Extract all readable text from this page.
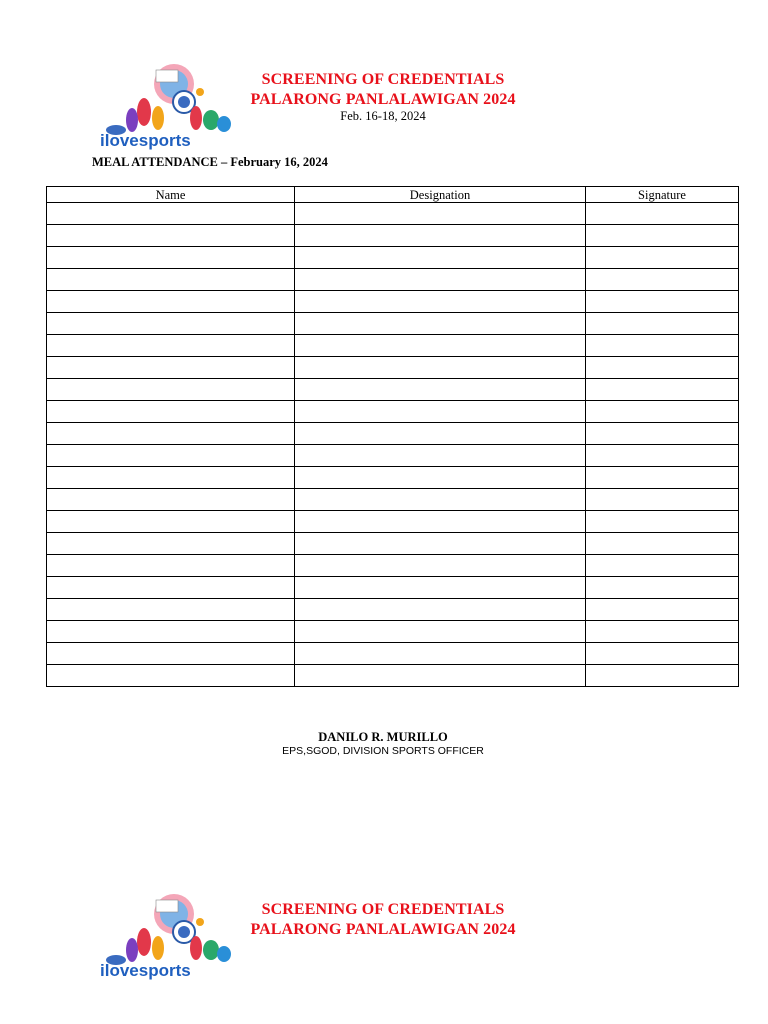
ilovesports
SCREENING OF CREDENTIALS
PALARONG PANLALAWIGAN 2024
Feb. 16-18, 2024
MEAL ATTENDANCE – February 16, 2024
Name	Designation	Signature

DANILO R. MURILLO
EPS,SGOD, DIVISION SPORTS OFFICER
ilovesports
SCREENING OF CREDENTIALS
PALARONG PANLALAWIGAN 2024
